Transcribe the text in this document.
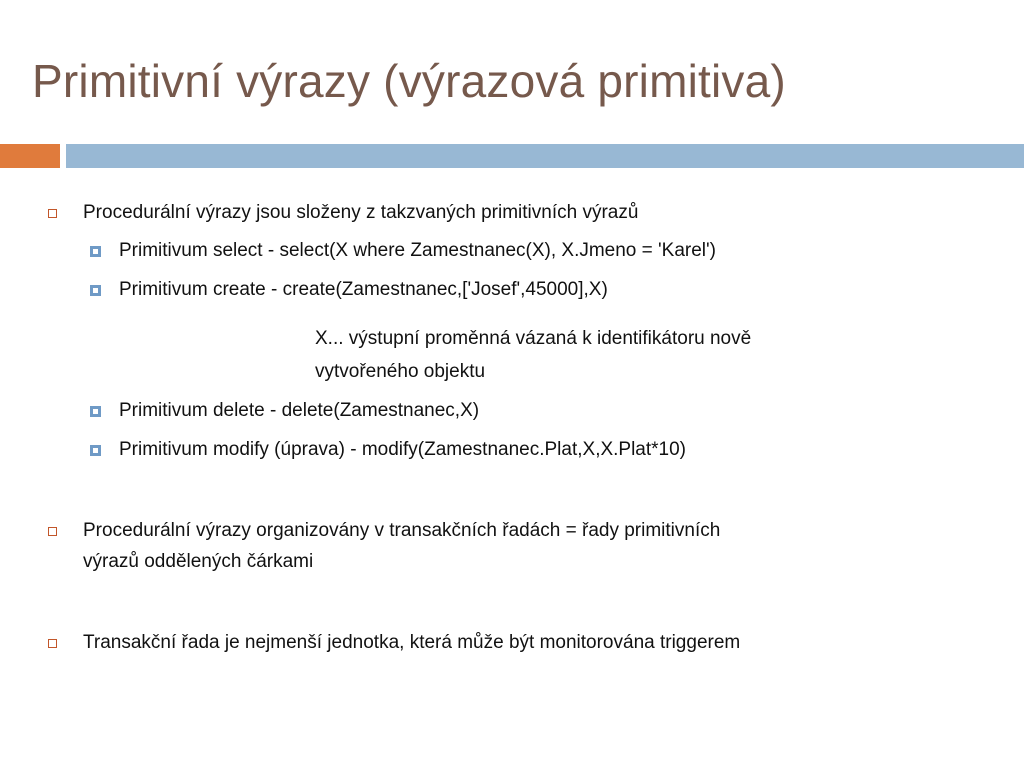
Primitivní výrazy (výrazová primitiva)
Procedurální výrazy jsou složeny z takzvaných primitivních výrazů
Primitivum select - select(X where Zamestnanec(X), X.Jmeno = 'Karel')
Primitivum create - create(Zamestnanec,['Josef',45000],X)
X... výstupní proměnná vázaná k identifikátoru nově
vytvořeného objektu
Primitivum delete - delete(Zamestnanec,X)
Primitivum modify (úprava) - modify(Zamestnanec.Plat,X,X.Plat*10)
Procedurální výrazy organizovány v transakčních řadách = řady primitivních
výrazů oddělených čárkami
Transakční řada je nejmenší jednotka, která může být monitorována triggerem
